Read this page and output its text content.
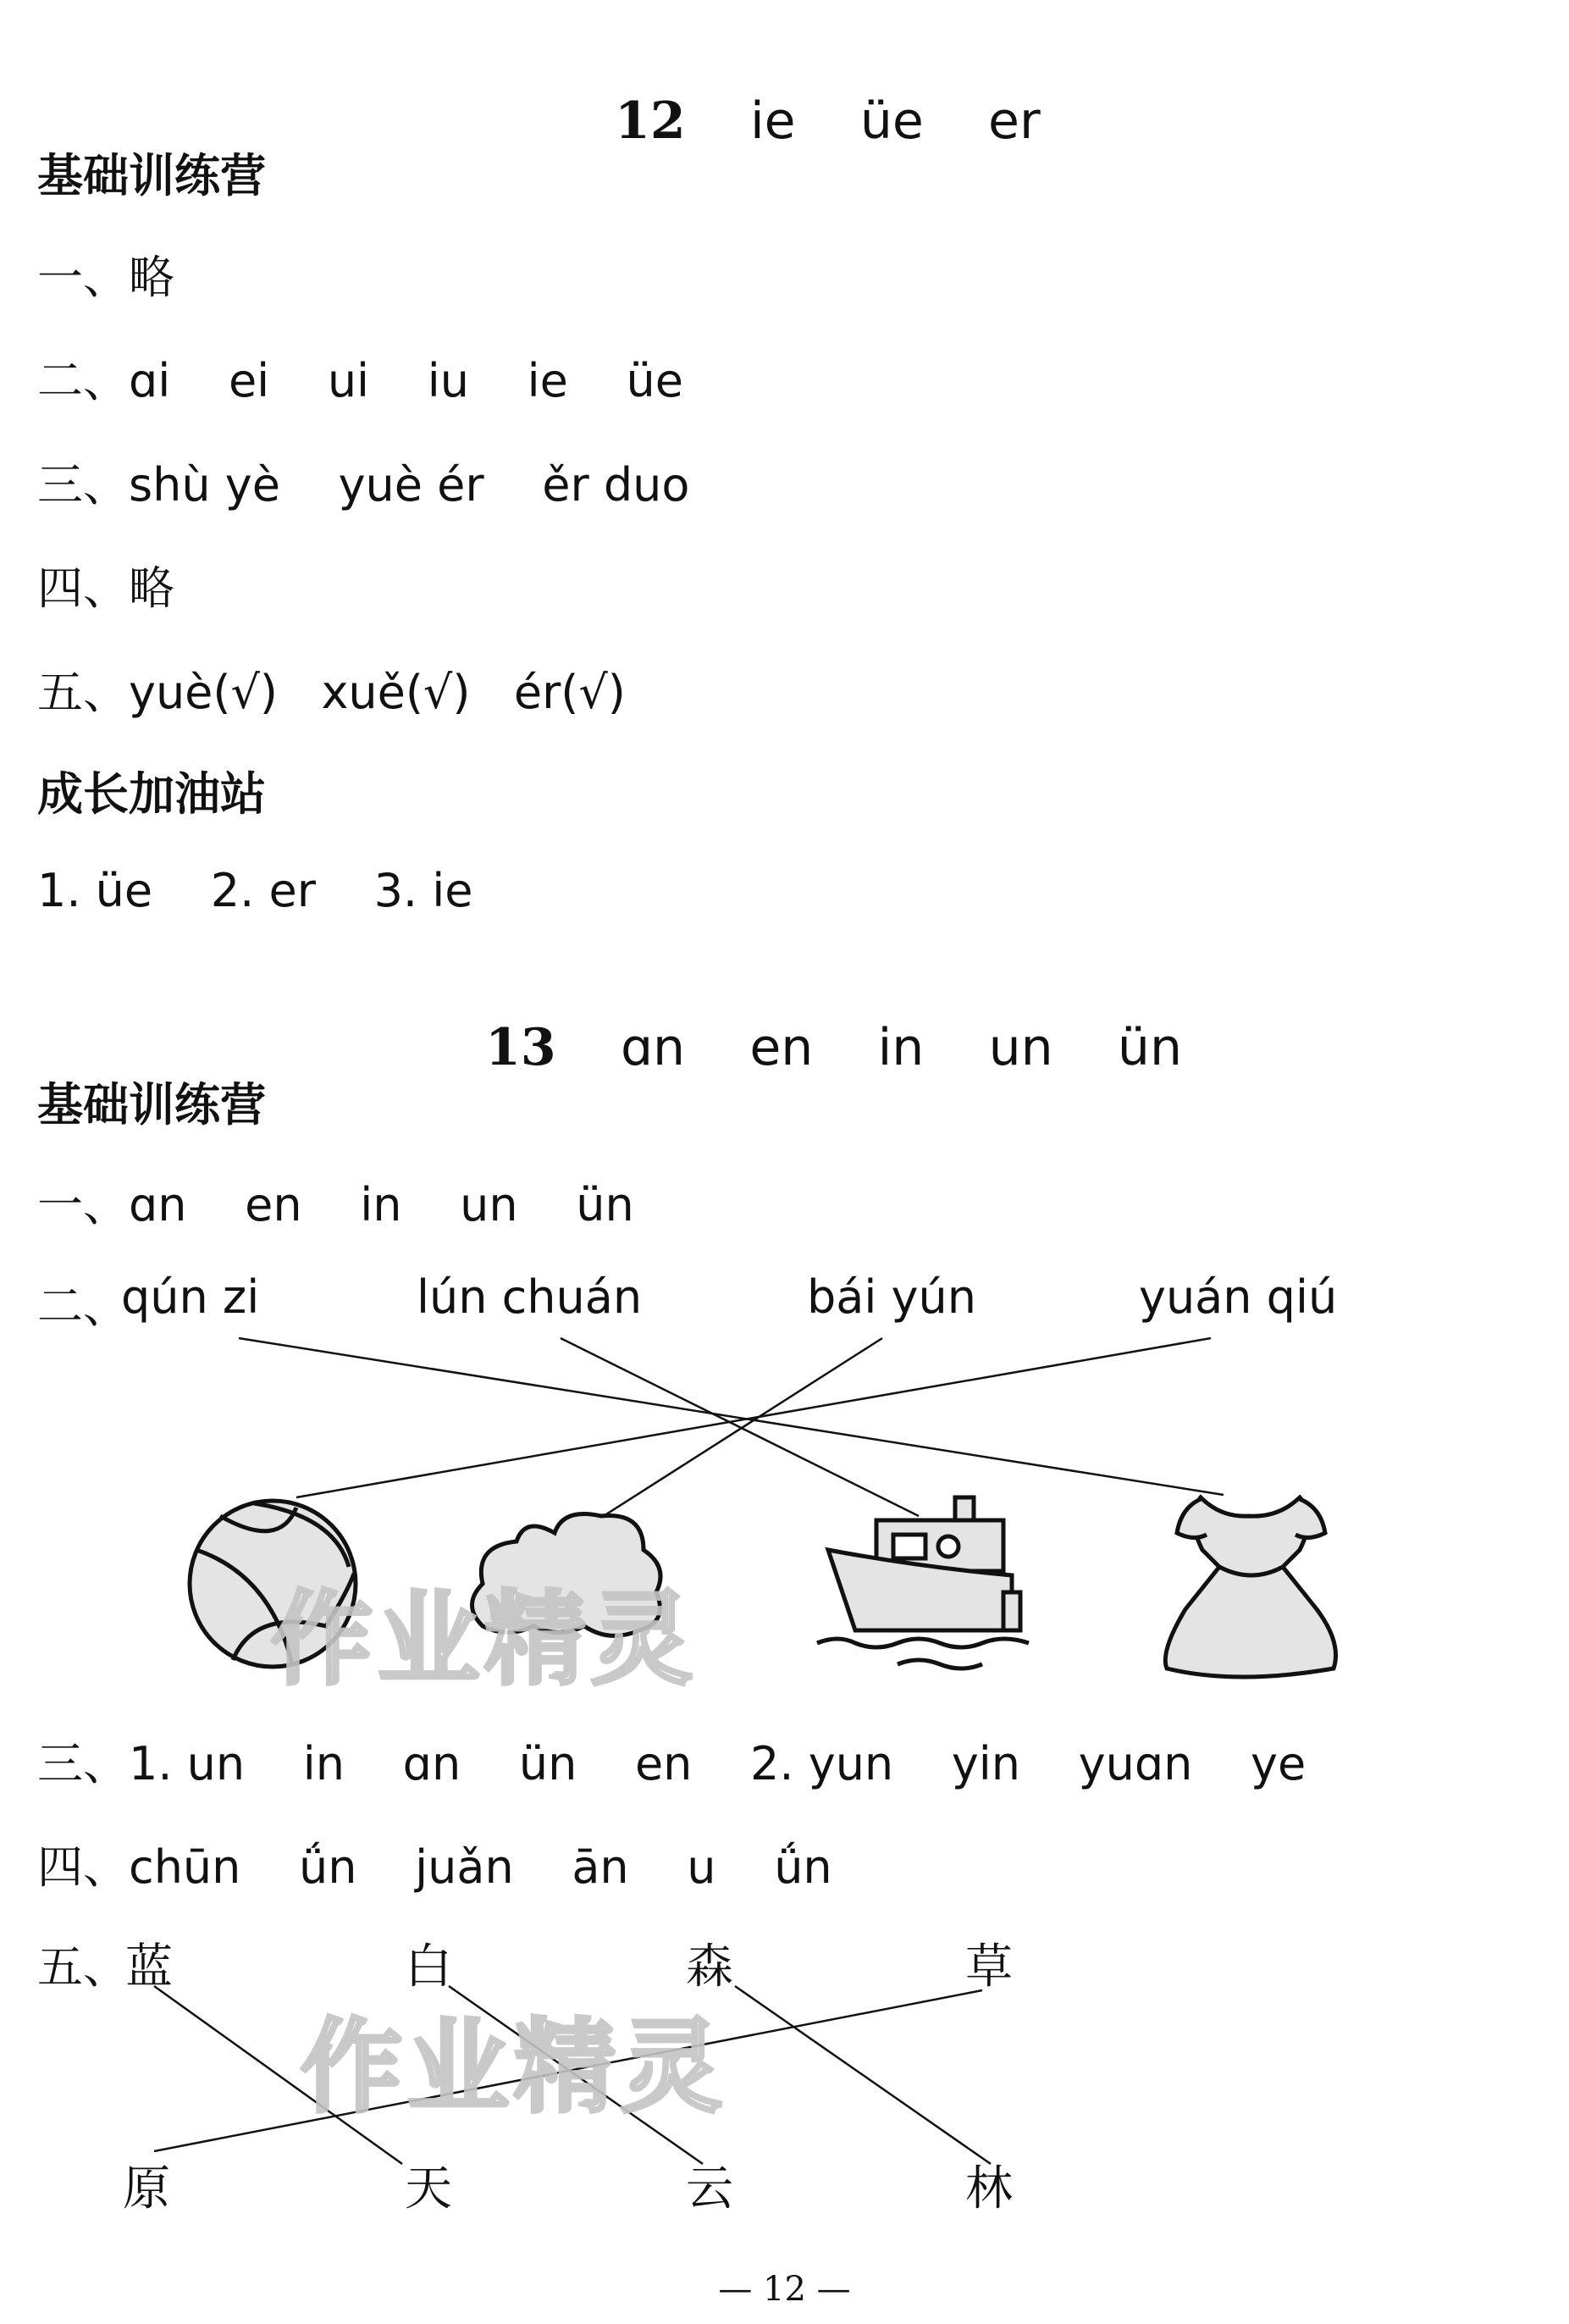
12 ie    üe    er

基础训练营
一、略
二、ɑi    ei    ui    iu    ie    üe
三、shù yè    yuè ér    ěr duo
四、略
五、yuè(√)   xuě(√)   ér(√)
成长加油站
1. üe    2. er    3. ie

13 ɑn    en    in    un    ün

基础训练营
一、ɑn    en    in    un    ün
二、
qún zi	lún chuán	bái yún	yuán qiú
作业精灵
作业精灵
三、1. un    in    ɑn    ün    en    2. yun    yin    yuɑn    ye
四、chūn    ǘn    juǎn    ān    u    ǘn
五、
蓝	白	森	草
原	天	云	林
— 12 —
